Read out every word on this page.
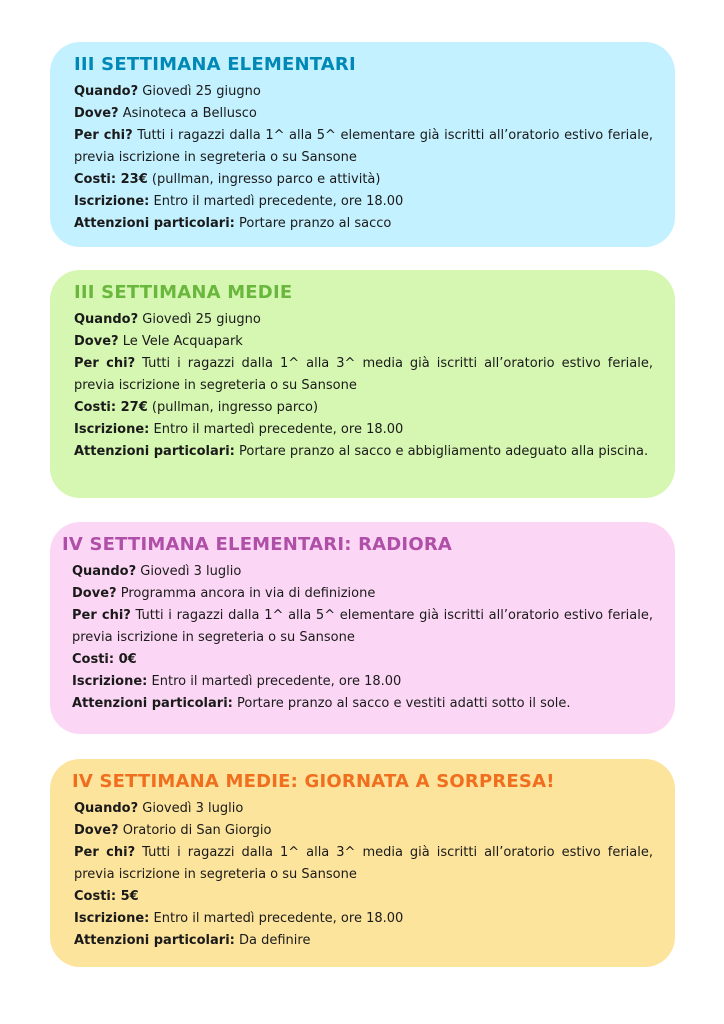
III SETTIMANA ELEMENTARI

Quando? Giovedì 25 giugno

Dove? Asinoteca a Bellusco

Per chi? Tutti i ragazzi dalla 1^ alla 5^ elementare già iscritti all’oratorio estivo feriale, previa iscrizione in segreteria o su Sansone

Costi: 23€ (pullman, ingresso parco e attività)

Iscrizione: Entro il martedì precedente, ore 18.00

Attenzioni particolari: Portare pranzo al sacco

III SETTIMANA MEDIE

Quando? Giovedì 25 giugno

Dove? Le Vele Acquapark

Per chi? Tutti i ragazzi dalla 1^ alla 3^ media già iscritti all’oratorio estivo feriale, previa iscrizione in segreteria o su Sansone

Costi: 27€ (pullman, ingresso parco)

Iscrizione: Entro il martedì precedente, ore 18.00

Attenzioni particolari: Portare pranzo al sacco e abbigliamento adeguato alla piscina.

IV SETTIMANA ELEMENTARI: RADIORA

Quando? Giovedì 3 luglio

Dove? Programma ancora in via di definizione

Per chi? Tutti i ragazzi dalla 1^ alla 5^ elementare già iscritti all’oratorio estivo feriale, previa iscrizione in segreteria o su Sansone

Costi: 0€

Iscrizione: Entro il martedì precedente, ore 18.00

Attenzioni particolari: Portare pranzo al sacco e vestiti adatti sotto il sole.

IV SETTIMANA MEDIE: GIORNATA A SORPRESA!

Quando? Giovedì 3 luglio

Dove? Oratorio di San Giorgio

Per chi? Tutti i ragazzi dalla 1^ alla 3^ media già iscritti all’oratorio estivo feriale, previa iscrizione in segreteria o su Sansone

Costi: 5€

Iscrizione: Entro il martedì precedente, ore 18.00

Attenzioni particolari: Da definire
